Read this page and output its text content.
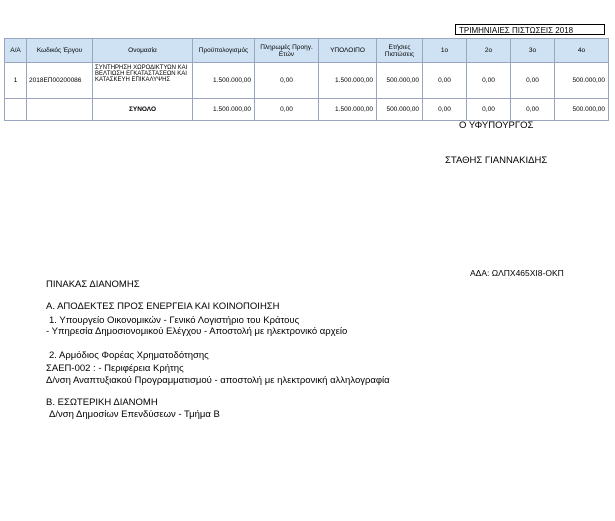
ΤΡΙΜΗΝΙΑΙΕΣ ΠΙΣΤΩΣΕΙΣ 2018
Α/Α	Κωδικός Έργου	Ονομασία	Προϋπολογισμός	Πληρωμές Προηγ. Ετών	ΥΠΟΛΟΙΠΟ	Ετήσιες Πιστώσεις	1ο	2ο	3ο	4ο
1	2018ΕΠ00200086	ΣΥΝΤΗΡΗΣΗ ΧΩΡΟΔΙΚΤΥΩΝ ΚΑΙ ΒΕΛΤΙΩΣΗ ΕΓΚΑΤΑΣΤΑΣΕΩΝ ΚΑΙ ΚΑΤΑΣΚΕΥΗ ΕΠΙΚΑΛΥΨΗΣ	1.500.000,00	0,00	1.500.000,00	500.000,00	0,00	0,00	0,00	500.000,00
		ΣΥΝΟΛΟ	1.500.000,00	0,00	1.500.000,00	500.000,00	0,00	0,00	0,00	500.000,00
Ο ΥΦΥΠΟΥΡΓΟΣ
ΣΤΑΘΗΣ ΓΙΑΝΝΑΚΙΔΗΣ
ΑΔΑ: ΩΛΠΧ465ΧΙ8-ΟΚΠ
ΠΙΝΑΚΑΣ ΔΙΑΝΟΜΗΣ
Α. ΑΠΟΔΕΚΤΕΣ ΠΡΟΣ ΕΝΕΡΓΕΙΑ ΚΑΙ ΚΟΙΝΟΠΟΙΗΣΗ
1. Υπουργείο Οικονομικών - Γενικό Λογιστήριο του Κράτους
- Υπηρεσία Δημοσιονομικού Ελέγχου - Αποστολή με ηλεκτρονικό αρχείο
2. Αρμόδιος Φορέας Χρηματοδότησης
ΣΑΕΠ-002 : - Περιφέρεια Κρήτης
Δ/νση Αναπτυξιακού Προγραμματισμού - αποστολή με ηλεκτρονική αλληλογραφία
Β. ΕΣΩΤΕΡΙΚΗ ΔΙΑΝΟΜΗ
Δ/νση Δημοσίων Επενδύσεων - Τμήμα Β
